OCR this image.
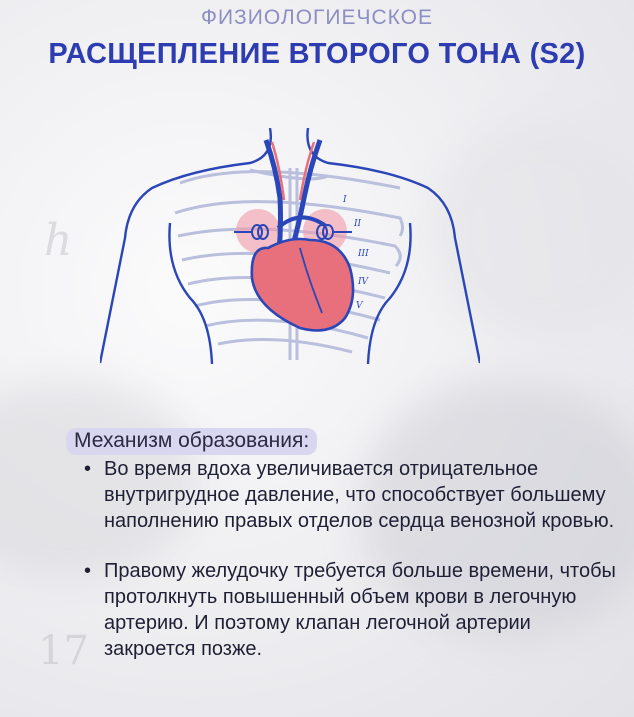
h
17
ФИЗИОЛОГИЕЧСКОЕ
РАСЩЕПЛЕНИЕ ВТОРОГО ТОНА (S2)
I
II
III
IV
V
Механизм образования:
• Во время вдоха увеличивается отрицательное внутригрудное давление, что способствует большему наполнению правых отделов сердца венозной кровью.
• Правому желудочку требуется больше времени, чтобы протолкнуть повышенный объем крови в легочную артерию. И поэтому клапан легочной артерии закроется позже.
